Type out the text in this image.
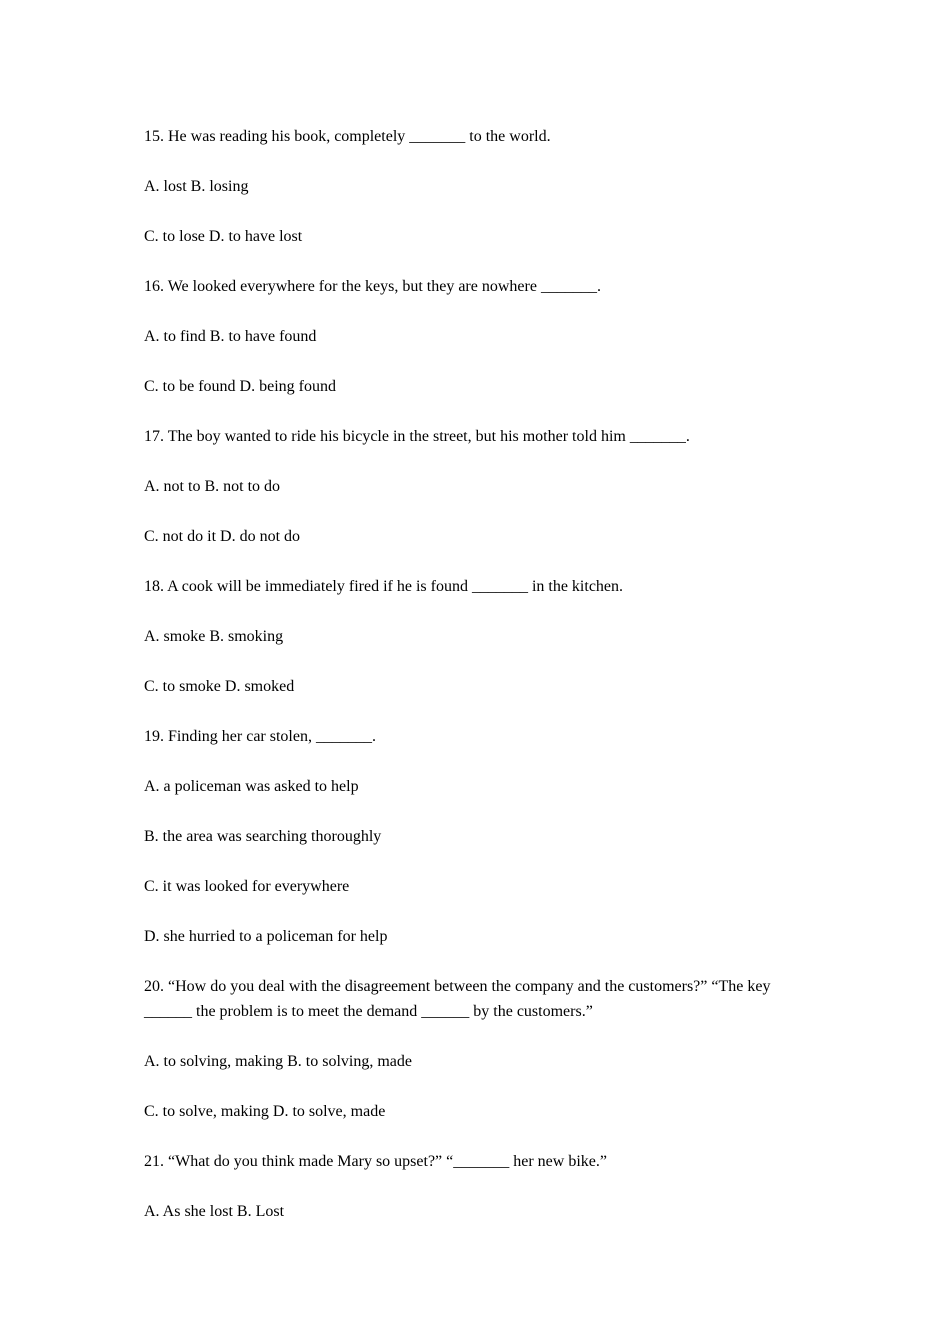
15. He was reading his book, completely _______ to the world.

A. lost B. losing

C. to lose D. to have lost

16. We looked everywhere for the keys, but they are nowhere _______.

A. to find B. to have found

C. to be found D. being found

17. The boy wanted to ride his bicycle in the street, but his mother told him _______.

A. not to B. not to do

C. not do it D. do not do

18. A cook will be immediately fired if he is found _______ in the kitchen.

A. smoke B. smoking

C. to smoke D. smoked

19. Finding her car stolen, _______.

A. a policeman was asked to help

B. the area was searching thoroughly

C. it was looked for everywhere

D. she hurried to a policeman for help

20. “How do you deal with the disagreement between the company and the customers?” “The key ______ the problem is to meet the demand ______ by the customers.”

A. to solving, making B. to solving, made

C. to solve, making D. to solve, made

21. “What do you think made Mary so upset?” “_______ her new bike.”

A. As she lost B. Lost
